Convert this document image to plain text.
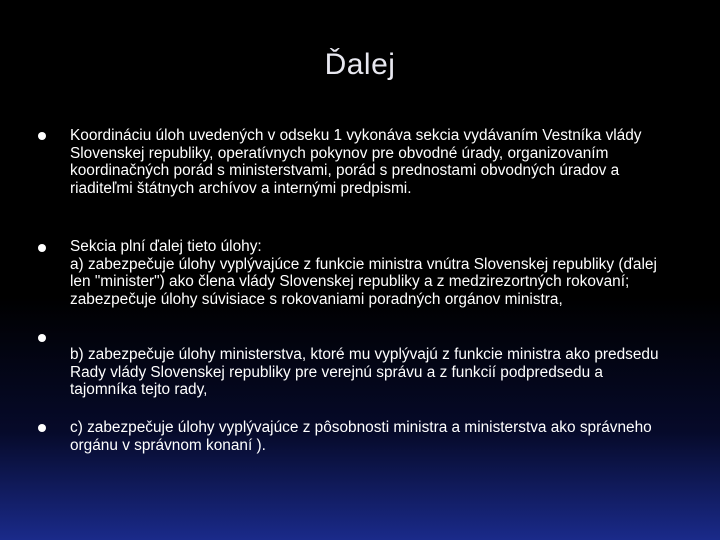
Ďalej
Koordináciu úloh uvedených v odseku 1 vykonáva sekcia vydávaním Vestníka vlády Slovenskej republiky, operatívnych pokynov pre obvodné úrady, organizovaním koordinačných porád s ministerstvami, porád s prednostami obvodných úradov a riaditeľmi štátnych archívov a internými predpismi.
Sekcia plní ďalej tieto úlohy:
a) zabezpečuje úlohy vyplývajúce z funkcie ministra vnútra Slovenskej republiky (ďalej len "minister") ako člena vlády Slovenskej republiky a z medzirezortných rokovaní; zabezpečuje úlohy súvisiace s rokovaniami poradných orgánov ministra,
b) zabezpečuje úlohy ministerstva, ktoré mu vyplývajú z funkcie ministra ako predsedu Rady vlády Slovenskej republiky pre verejnú správu a z funkcií podpredsedu a tajomníka tejto rady,
c) zabezpečuje úlohy vyplývajúce z pôsobnosti ministra a ministerstva ako správneho orgánu v správnom konaní ).
